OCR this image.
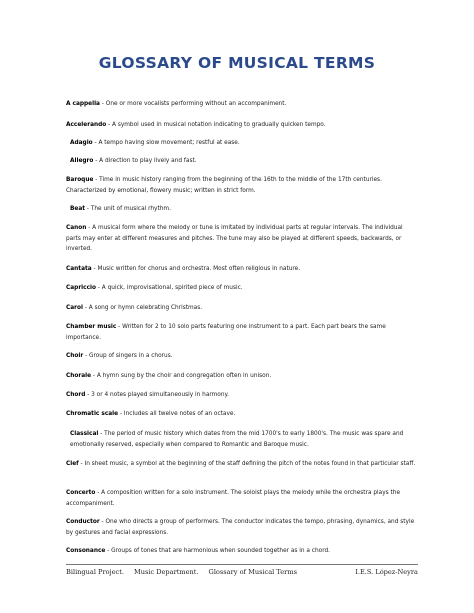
GLOSSARY OF MUSICAL TERMS
A cappella - One or more vocalists performing without an accompaniment.
Accelerando - A symbol used in musical notation indicating to gradually quicken tempo.
Adagio - A tempo having slow movement; restful at ease.
Allegro - A direction to play lively and fast.
Baroque - Time in music history ranging from the beginning of the 16th to the middle of the 17th centuries. Characterized by emotional, flowery music; written in strict form.
Beat - The unit of musical rhythm.
Canon - A musical form where the melody or tune is imitated by individual parts at regular intervals. The individual parts may enter at different measures and pitches. The tune may also be played at different speeds, backwards, or inverted.
Cantata - Music written for chorus and orchestra. Most often religious in nature.
Capriccio - A quick, improvisational, spirited piece of music.
Carol - A song or hymn celebrating Christmas.
Chamber music - Written for 2 to 10 solo parts featuring one instrument to a part. Each part bears the same importance.
Choir - Group of singers in a chorus.
Chorale - A hymn sung by the choir and congregation often in unison.
Chord - 3 or 4 notes played simultaneously in harmony.
Chromatic scale - Includes all twelve notes of an octave.
Classical - The period of music history which dates from the mid 1700's to early 1800's. The music was spare and emotionally reserved, especially when compared to Romantic and Baroque music.
Clef - In sheet music, a symbol at the beginning of the staff defining the pitch of the notes found in that particular staff.
Concerto - A composition written for a solo instrument. The soloist plays the melody while the orchestra plays the accompaniment.
Conductor - One who directs a group of performers. The conductor indicates the tempo, phrasing, dynamics, and style by gestures and facial expressions.
Consonance - Groups of tones that are harmonious when sounded together as in a chord.
Bilingual Project. Music Department. Glossary of Musical Terms	I.E.S. López-Neyra
